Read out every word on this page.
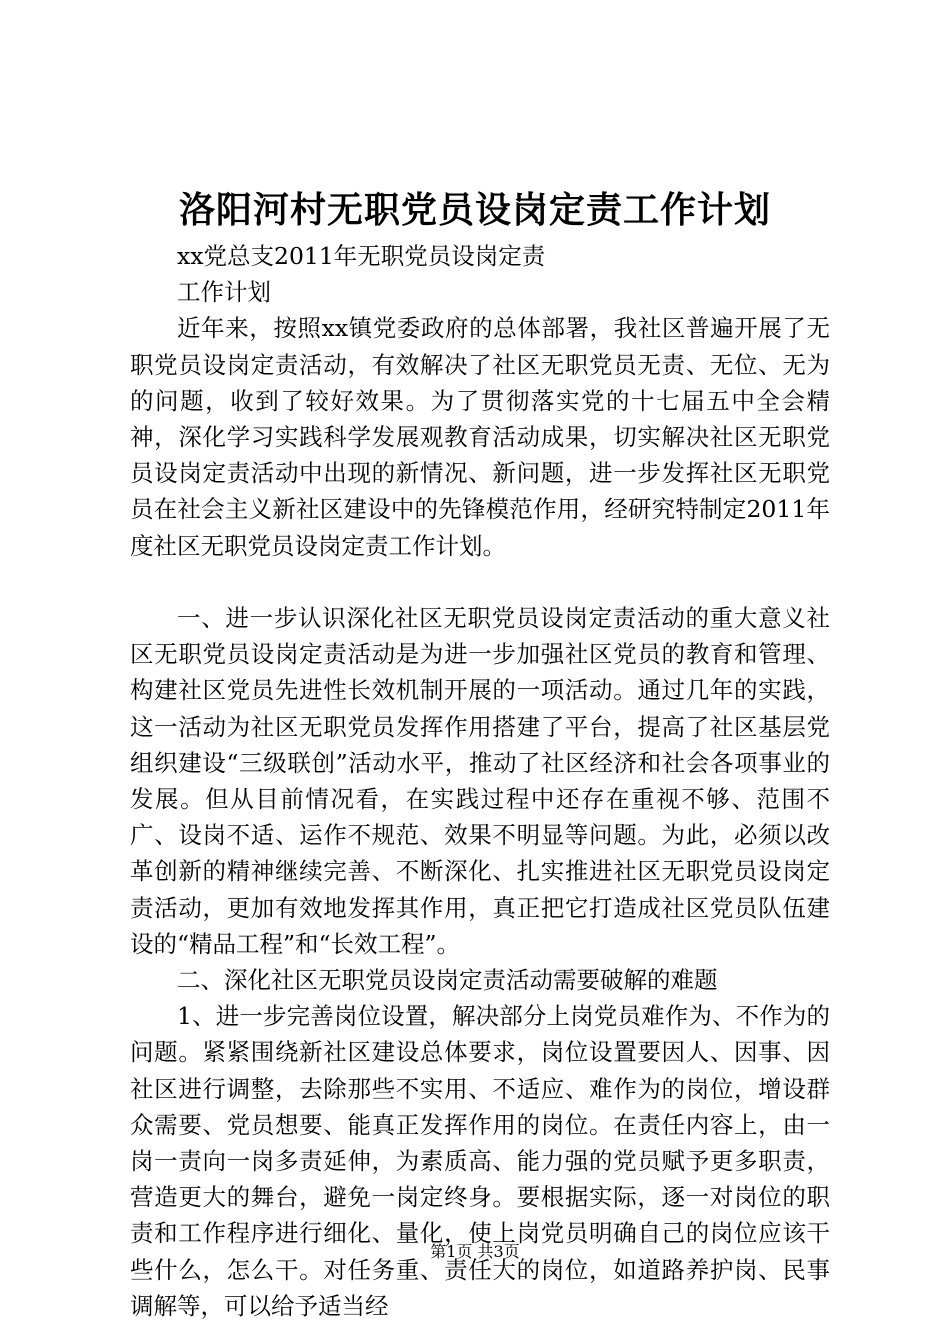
洛阳河村无职党员设岗定责工作计划

xx党总支2011年无职党员设岗定责

工作计划

近年来，按照xx镇党委政府的总体部署，我社区普遍开展了无职党员设岗定责活动，有效解决了社区无职党员无责、无位、无为的问题，收到了较好效果。为了贯彻落实党的十七届五中全会精神，深化学习实践科学发展观教育活动成果，切实解决社区无职党员设岗定责活动中出现的新情况、新问题，进一步发挥社区无职党员在社会主义新社区建设中的先锋模范作用，经研究特制定2011年度社区无职党员设岗定责工作计划。

一、进一步认识深化社区无职党员设岗定责活动的重大意义社区无职党员设岗定责活动是为进一步加强社区党员的教育和管理、构建社区党员先进性长效机制开展的一项活动。通过几年的实践，这一活动为社区无职党员发挥作用搭建了平台，提高了社区基层党组织建设“三级联创”活动水平，推动了社区经济和社会各项事业的发展。但从目前情况看，在实践过程中还存在重视不够、范围不广、设岗不适、运作不规范、效果不明显等问题。为此，必须以改革创新的精神继续完善、不断深化、扎实推进社区无职党员设岗定责活动，更加有效地发挥其作用，真正把它打造成社区党员队伍建设的“精品工程”和“长效工程”。

二、深化社区无职党员设岗定责活动需要破解的难题

1、进一步完善岗位设置，解决部分上岗党员难作为、不作为的问题。紧紧围绕新社区建设总体要求，岗位设置要因人、因事、因社区进行调整，去除那些不实用、不适应、难作为的岗位，增设群众需要、党员想要、能真正发挥作用的岗位。在责任内容上，由一岗一责向一岗多责延伸，为素质高、能力强的党员赋予更多职责，营造更大的舞台，避免一岗定终身。要根据实际，逐一对岗位的职责和工作程序进行细化、量化，使上岗党员明确自己的岗位应该干些什么，怎么干。对任务重、责任大的岗位，如道路养护岗、民事调解等，可以给予适当经

第1页 共3页
